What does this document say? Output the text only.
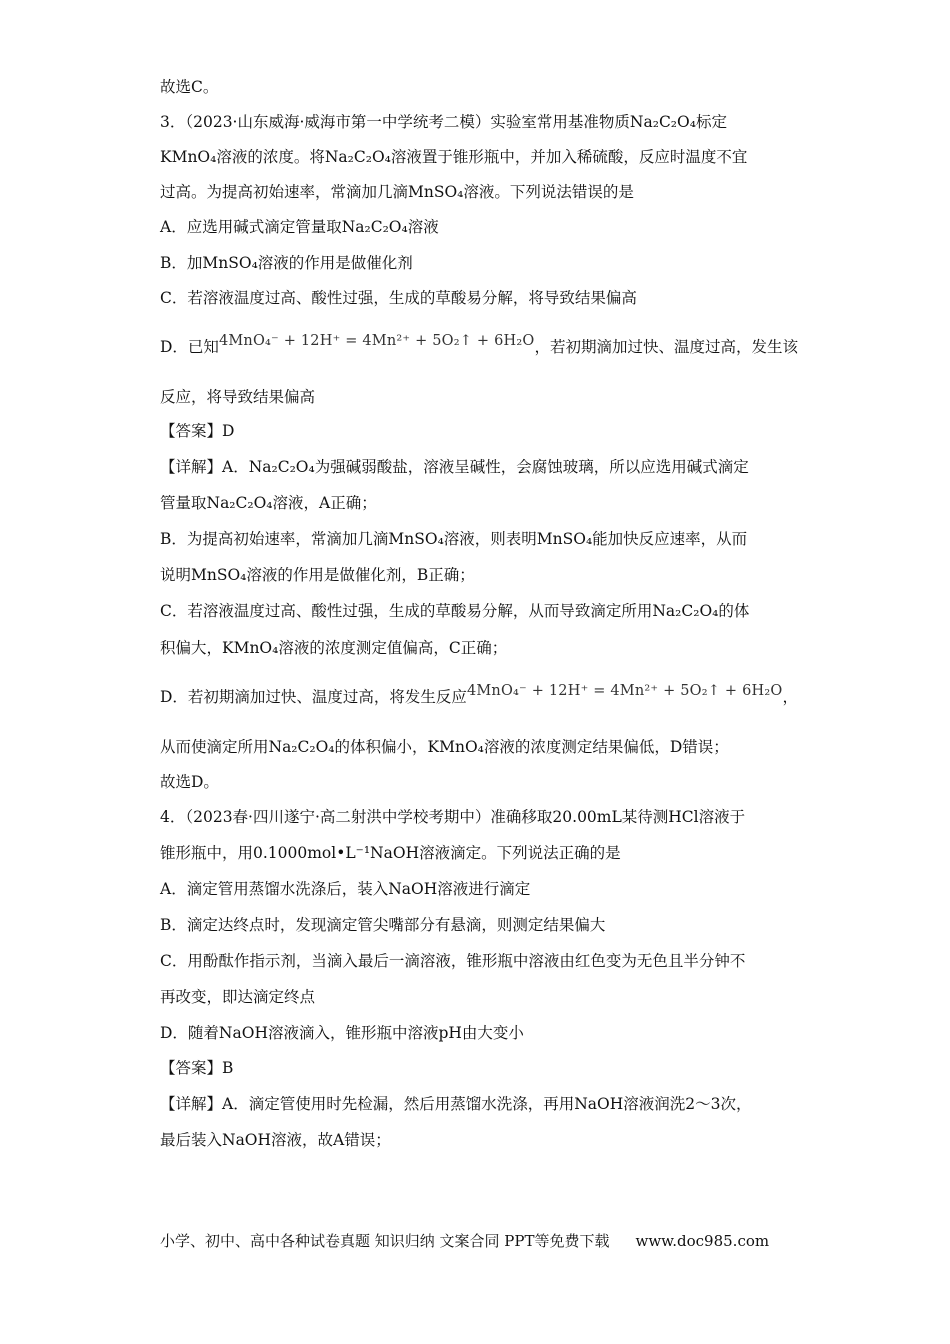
故选C。
3．（2023·山东威海·威海市第一中学统考二模）实验室常用基准物质Na₂C₂O₄标定
KMnO₄溶液的浓度。将Na₂C₂O₄溶液置于锥形瓶中，并加入稀硫酸，反应时温度不宜
过高。为提高初始速率，常滴加几滴MnSO₄溶液。下列说法错误的是
A．应选用碱式滴定管量取Na₂C₂O₄溶液
B．加MnSO₄溶液的作用是做催化剂
C．若溶液温度过高、酸性过强，生成的草酸易分解，将导致结果偏高
D．已知4MnO₄⁻ + 12H⁺ = 4Mn²⁺ + 5O₂↑ + 6H₂O，若初期滴加过快、温度过高，发生该
反应，将导致结果偏高
【答案】D
【详解】A．Na₂C₂O₄为强碱弱酸盐，溶液呈碱性，会腐蚀玻璃，所以应选用碱式滴定
管量取Na₂C₂O₄溶液，A正确；
B．为提高初始速率，常滴加几滴MnSO₄溶液，则表明MnSO₄能加快反应速率，从而
说明MnSO₄溶液的作用是做催化剂，B正确；
C．若溶液温度过高、酸性过强，生成的草酸易分解，从而导致滴定所用Na₂C₂O₄的体
积偏大，KMnO₄溶液的浓度测定值偏高，C正确；
D．若初期滴加过快、温度过高，将发生反应4MnO₄⁻ + 12H⁺ = 4Mn²⁺ + 5O₂↑ + 6H₂O，
从而使滴定所用Na₂C₂O₄的体积偏小，KMnO₄溶液的浓度测定结果偏低，D错误；
故选D。
4．（2023春·四川遂宁·高二射洪中学校考期中）准确移取20.00mL某待测HCl溶液于
锥形瓶中，用0.1000mol•L⁻¹NaOH溶液滴定。下列说法正确的是
A．滴定管用蒸馏水洗涤后，装入NaOH溶液进行滴定
B．滴定达终点时，发现滴定管尖嘴部分有悬滴，则测定结果偏大
C．用酚酞作指示剂，当滴入最后一滴溶液，锥形瓶中溶液由红色变为无色且半分钟不
再改变，即达滴定终点
D．随着NaOH溶液滴入，锥形瓶中溶液pH由大变小
【答案】B
【详解】A．滴定管使用时先检漏，然后用蒸馏水洗涤，再用NaOH溶液润洗2～3次，
最后装入NaOH溶液，故A错误；
小学、初中、高中各种试卷真题 知识归纳 文案合同 PPT等免费下载 www.doc985.com
